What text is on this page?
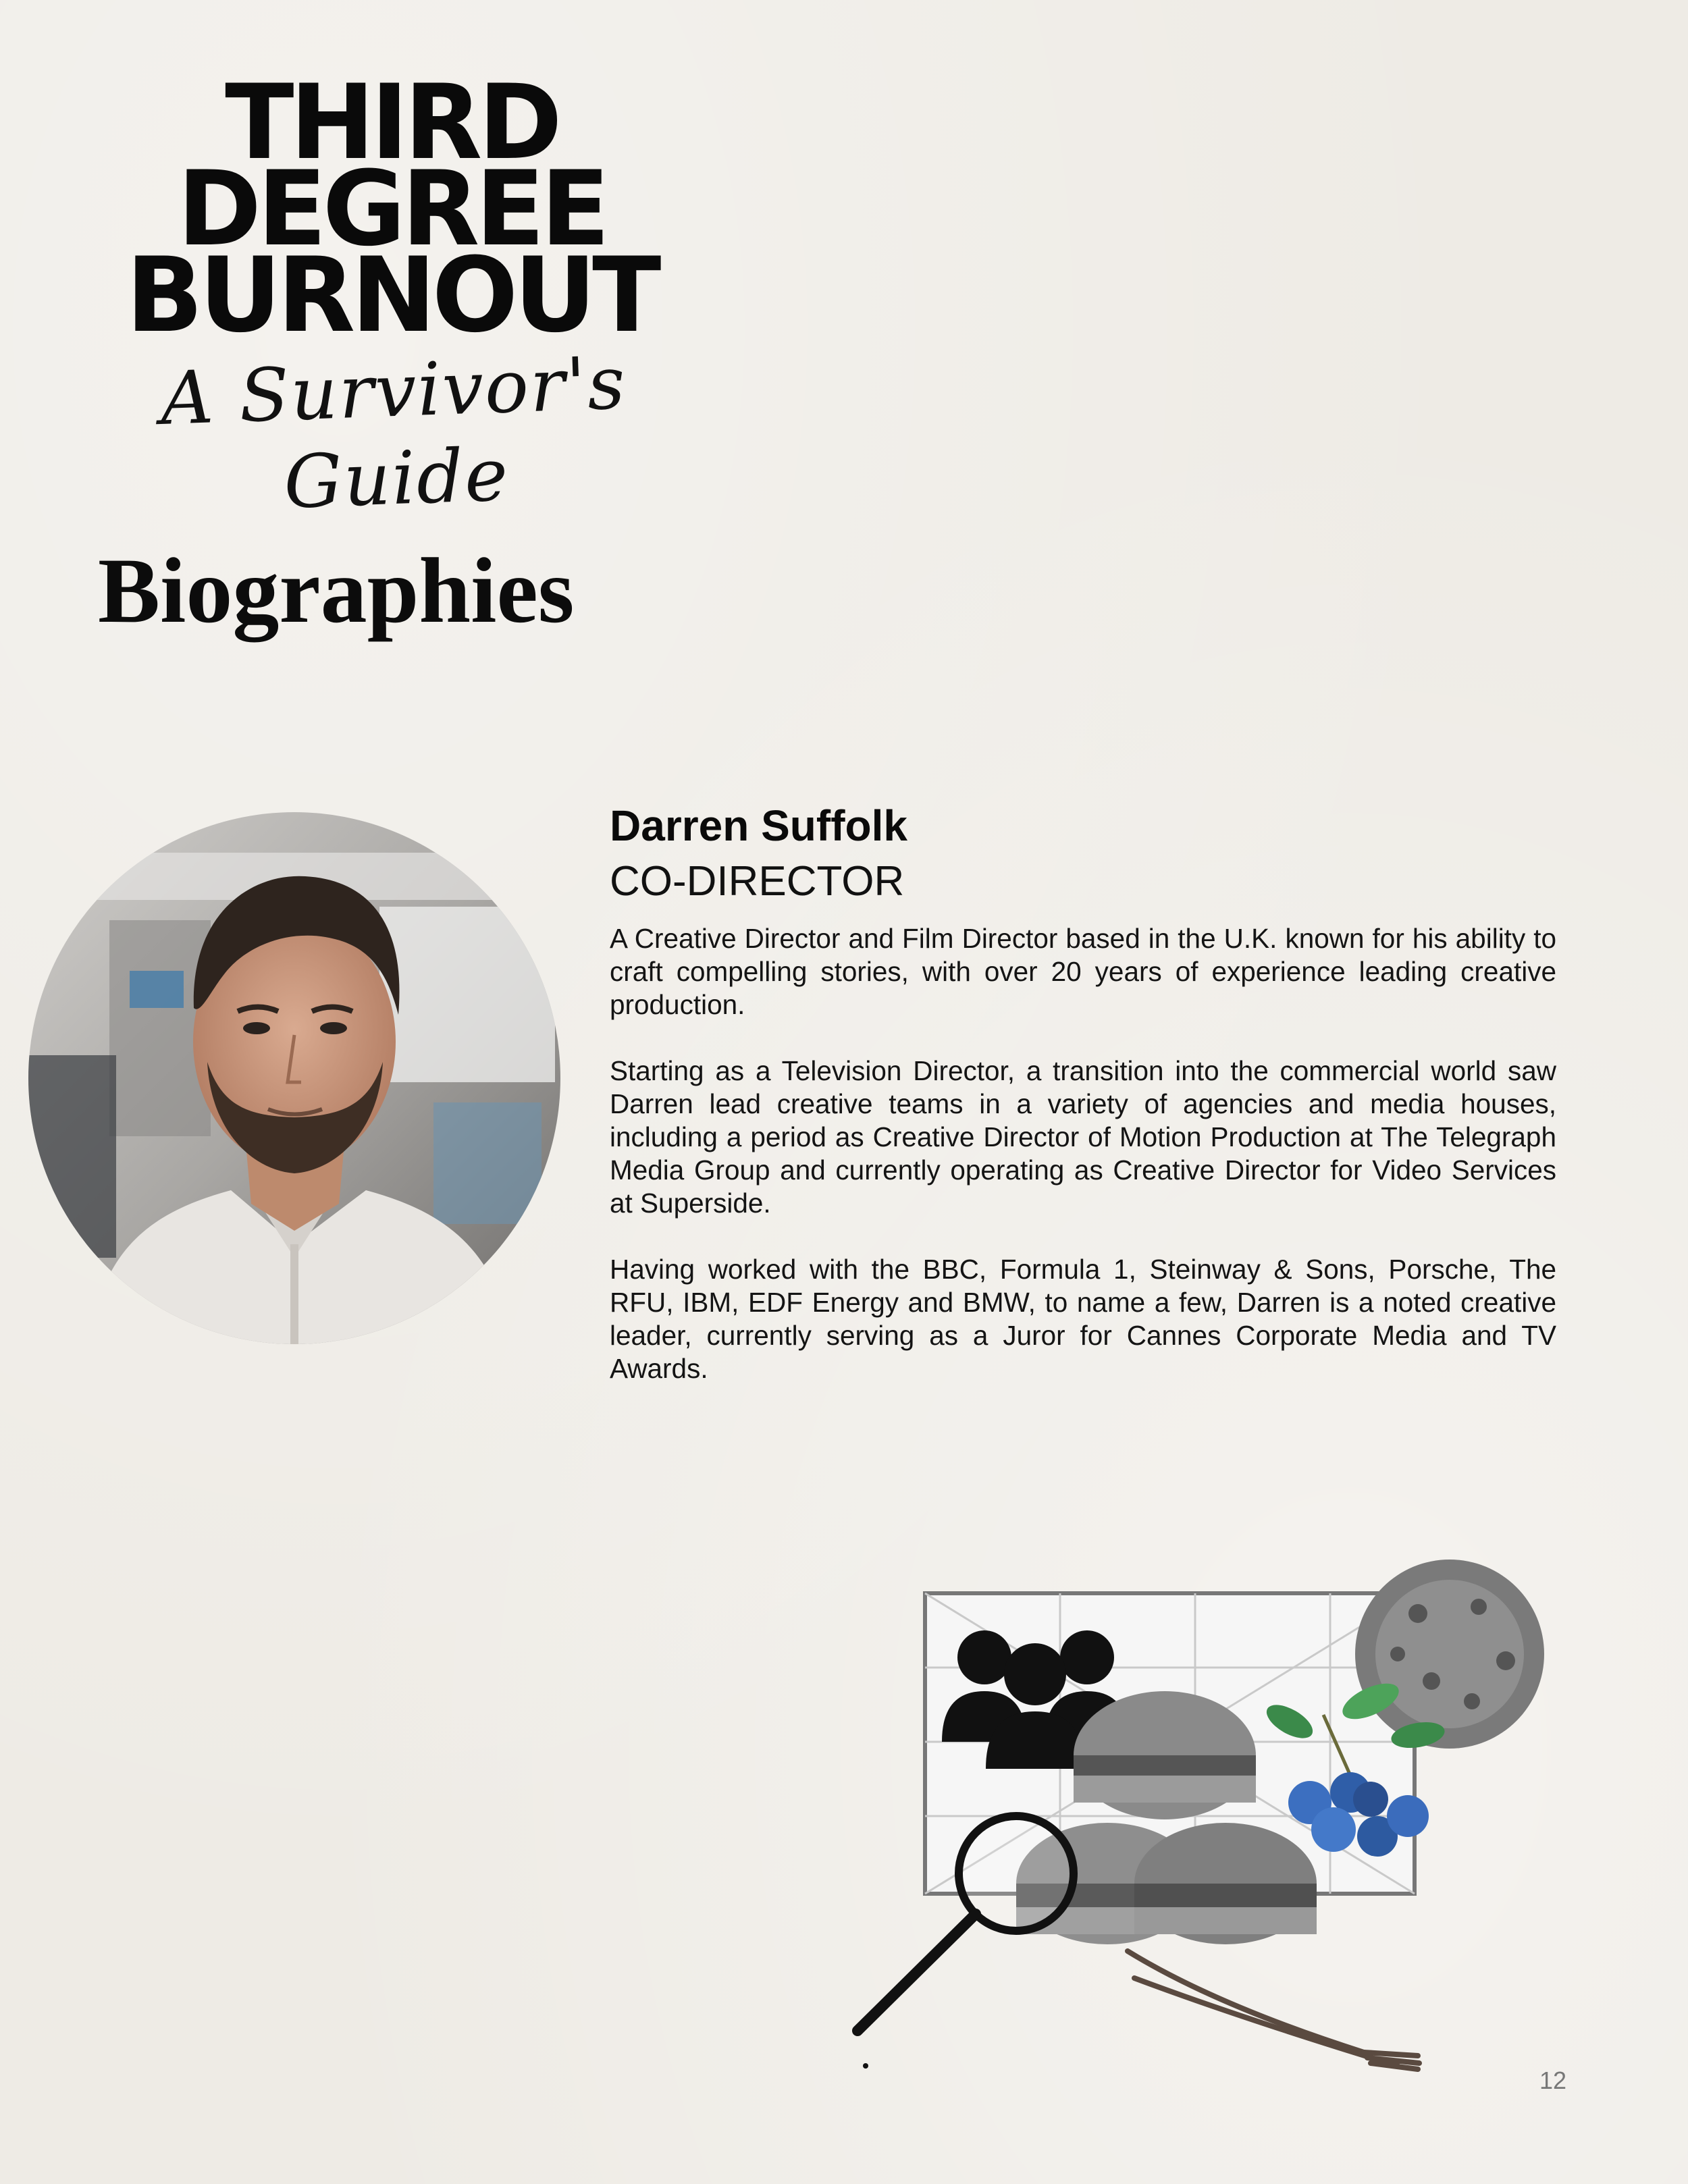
THIRD
DEGREE
BURNOUT
A Survivor's Guide
Biographies
Darren Suffolk
CO-DIRECTOR

A Creative Director and Film Director based in the U.K. known for his ability to craft compelling stories, with over 20 years of experience leading creative production.

Starting as a Television Director, a transition into the commercial world saw Darren lead creative teams in a variety of agencies and media houses, including a period as Creative Director of Motion Production at The Telegraph Media Group and currently operating as Creative Director for Video Services at Superside.

Having worked with the BBC, Formula 1, Steinway & Sons, Porsche, The RFU, IBM, EDF Energy and BMW, to name a few, Darren is a noted creative leader, currently serving as a Juror for Cannes Corporate Media and TV Awards.

12
